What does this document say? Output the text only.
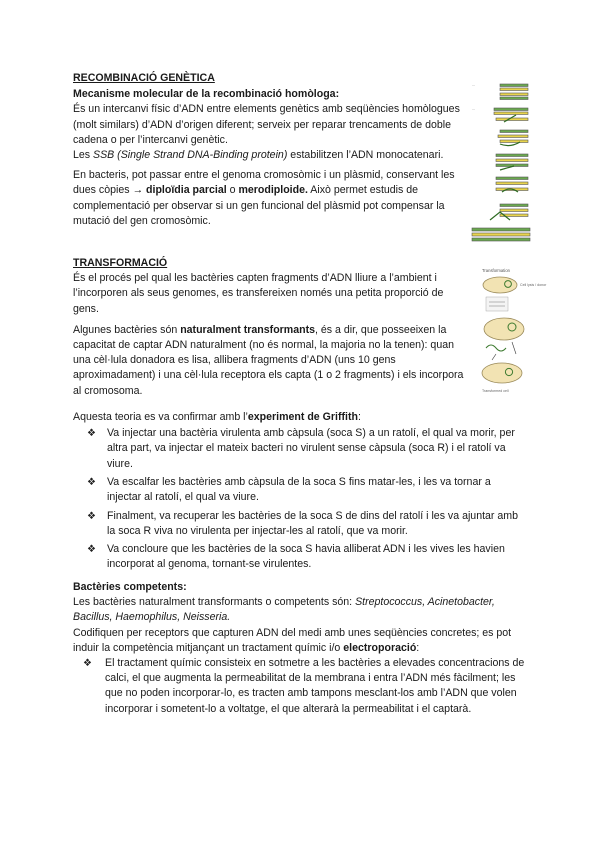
RECOMBINACIÓ GENÈTICA

Mecanisme molecular de la recombinació homòloga:

És un intercanvi físic d’ADN entre elements genètics amb seqüències homòlogues (molt similars) d’ADN d’origen diferent; serveix per reparar trencaments de doble cadena o per l’intercanvi genètic.

Les SSB (Single Strand DNA-Binding protein) estabilitzen l’ADN monocatenari.

En bacteris, pot passar entre el genoma cromosòmic i un plàsmid, conservant les dues còpies → diploïdia parcial o merodiploide. Això permet estudis de complementació per observar si un gen funcional del plàsmid pot compensar la mutació del gen cromosòmic.

—
—

TRANSFORMACIÓ

És el procés pel qual les bactèries capten fragments d’ADN lliure a l’ambient i l’incorporen als seus genomes, es transfereixen només una petita proporció de gens.

Algunes bactèries són naturalment transformants, és a dir, que posseeixen la capacitat de captar ADN naturalment (no és normal, la majoria no la tenen): quan una cèl·lula donadora es lisa, allibera fragments d’ADN (uns 10 gens aproximadament) i una cèl·lula receptora els capta (1 o 2 fragments) i els incorpora al cromosoma.

Transformation
Cell lysis / donor
Transformed cell

Aquesta teoria es va confirmar amb l’experiment de Griffith:

❖ Va injectar una bactèria virulenta amb càpsula (soca S) a un ratolí, el qual va morir, per altra part, va injectar el mateix bacteri no virulent sense càpsula (soca R) i el ratolí va viure.
❖ Va escalfar les bactèries amb càpsula de la soca S fins matar-les, i les va tornar a injectar al ratolí, el qual va viure.
❖ Finalment, va recuperar les bactèries de la soca S de dins del ratolí i les va ajuntar amb la soca R viva no virulenta per injectar-les al ratolí, que va morir.
❖ Va concloure que les bactèries de la soca S havia alliberat ADN i les vives les havien incorporat al genoma, tornant-se virulentes.

Bactèries competents:

Les bactèries naturalment transformants o competents són: Streptococcus, Acinetobacter, Bacillus, Haemophilus, Neisseria.

Codifiquen per receptors que capturen ADN del medi amb unes seqüències concretes; es pot induir la competència mitjançant un tractament químic i/o electroporació:

❖ El tractament químic consisteix en sotmetre a les bactèries a elevades concentracions de calci, el que augmenta la permeabilitat de la membrana i entra l’ADN més fàcilment; les que no poden incorporar-lo, es tracten amb tampons mesclant-los amb l’ADN que volen incorporar i sometent-lo a voltatge, el que alterarà la permeabilitat i el captarà.
